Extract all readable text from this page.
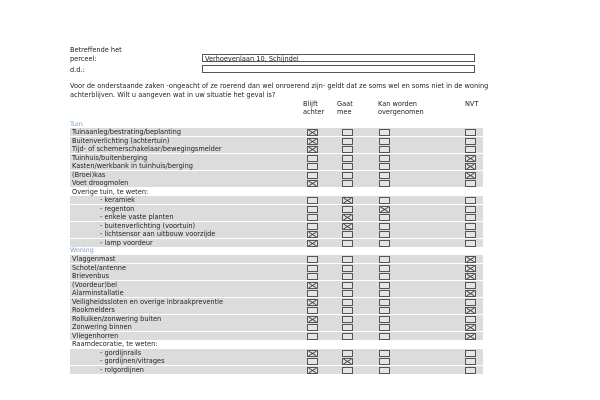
Betreffende het
perceel:	Verhoevenlaan 10, Schijndel
d.d.:
Voor de onderstaande zaken -ongeacht of ze roerend dan wel onroerend zijn- geldt dat ze soms wel en soms niet in de woning achterblijven. Wilt u aangeven wat in uw situatie het geval is?
Blijft
achter
Gaat
mee
Kan worden
overgenomen
NVT
Tuin
Woning
Tuinaanleg/bestrating/beplanting
Buitenverlichting (achtertuin)
Tijd- of schemerschakelaar/bewegingsmelder
Tuinhuis/buitenberging
Kasten/werkbank in tuinhuis/berging
(Broei)kas
Voet droogmolen
Overige tuin, te weten:
- keramiek
- regenton
- enkele vaste planten
- buitenverlichting (voortuin)
- lichtsensor aan uitbouw voorzijde
- lamp voordeur
Vlaggenmast
Schotel/antenne
Brievenbus
(Voordeur)bel
Alarminstallatie
Veiligheidssloten en overige inbraakpreventie
Rookmelders
Rolluiken/zonwering buiten
Zonwering binnen
Vliegenhorren
Raamdecoratie, te weten:
- gordijnrails
- gordijnen/vitrages
- rolgordijnen
